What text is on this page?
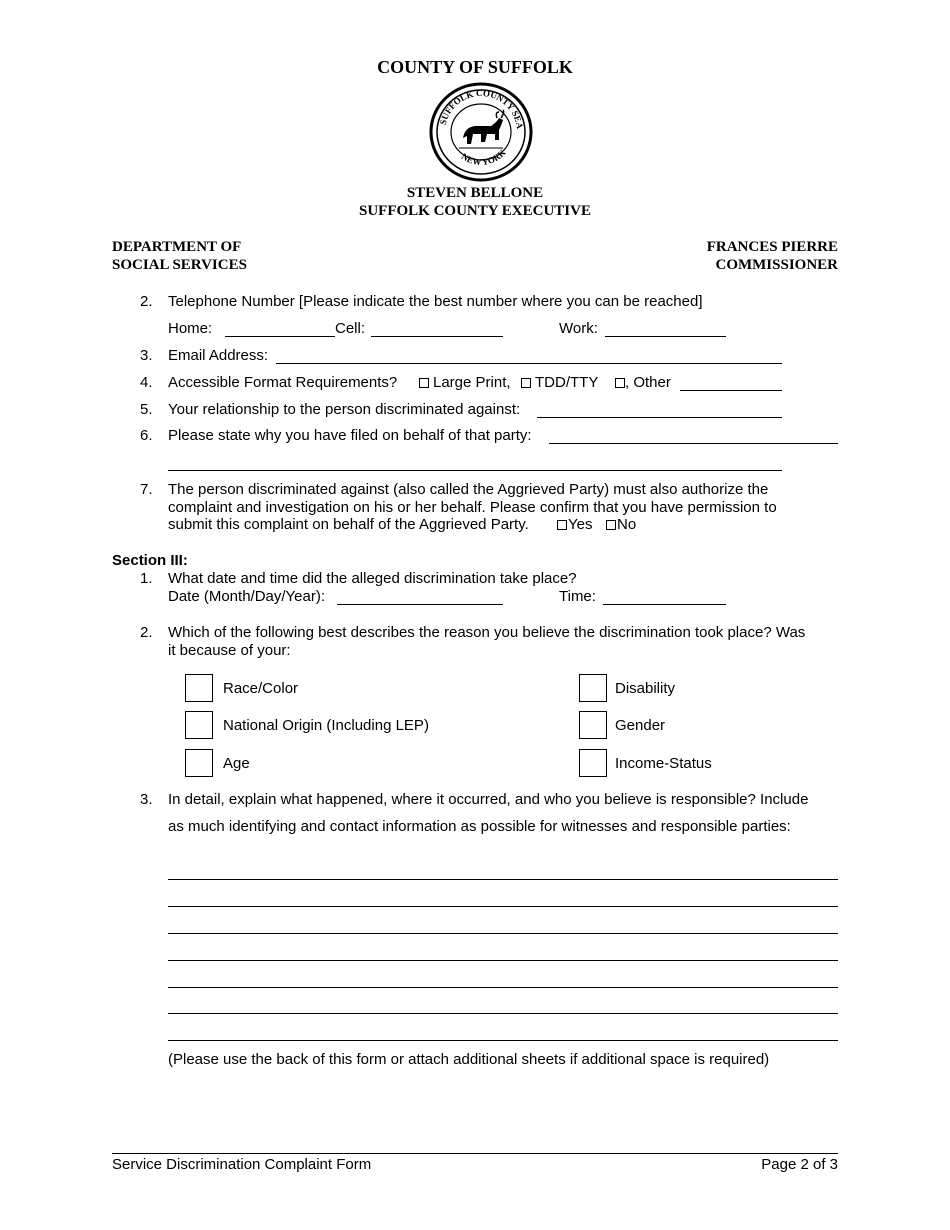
COUNTY OF SUFFOLK
SUFFOLK COUNTY SEA
NEW YORK
STEVEN BELLONE
SUFFOLK COUNTY EXECUTIVE
DEPARTMENT OF
SOCIAL SERVICES
FRANCES PIERRE
COMMISSIONER
2. Telephone Number [Please indicate the best number where you can be reached]
Home:	Cell:	Work:
3. Email Address:
4. Accessible Format Requirements?	Large Print,	TDD/TTY	, Other
5. Your relationship to the person discriminated against:
6. Please state why you have filed on behalf of that party:
7. The person discriminated against (also called the Aggrieved Party) must also authorize the
complaint and investigation on his or her behalf. Please confirm that you have permission to
submit this complaint on behalf of the Aggrieved Party.	Yes	No
Section III:
1. What date and time did the alleged discrimination take place?
Date (Month/Day/Year):	Time:
2. Which of the following best describes the reason you believe the discrimination took place? Was
it because of your:
Race/Color
National Origin (Including LEP)
Age
Disability
Gender
Income-Status
3. In detail, explain what happened, where it occurred, and who you believe is responsible? Include
as much identifying and contact information as possible for witnesses and responsible parties:
(Please use the back of this form or attach additional sheets if additional space is required)
Service Discrimination Complaint Form	Page 2 of 3
